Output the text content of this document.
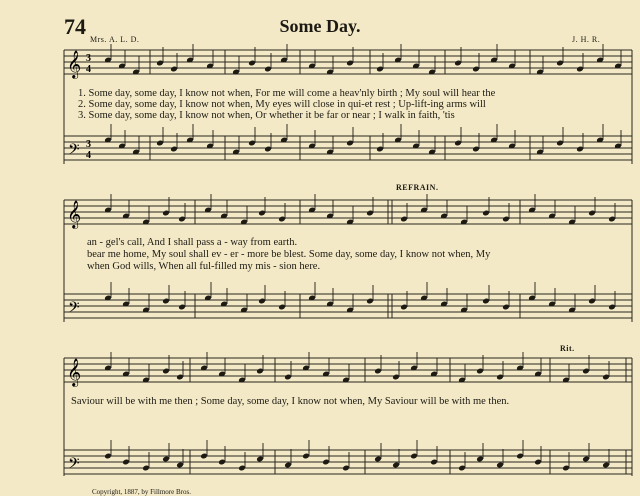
74	Some Day.
Mrs. A. L. D.	J. H. R.
𝄞
𝄢
3
4
3
4
𝄞
𝄢
𝄞
𝄢
1. Some day, some day, I know not when, For me will come a heav'nly birth ; My soul will hear the
2. Some day, some day, I know not when, My eyes will close in qui-et rest ; Up-lift-ing arms will
3. Some day, some day, I know not when, Or whether it be far or near ; I walk in faith, 'tis
REFRAIN.
an - gel's call, And I shall pass a - way from earth.
bear me home, My soul shall ev - er - more be blest. Some day, some day, I know not when, My
when God wills, When all ful-filled my mis - sion here.
Rit.
Saviour will be with me then ; Some day, some day, I know not when, My Saviour will be with me then.
Copyright, 1887, by Fillmore Bros.
